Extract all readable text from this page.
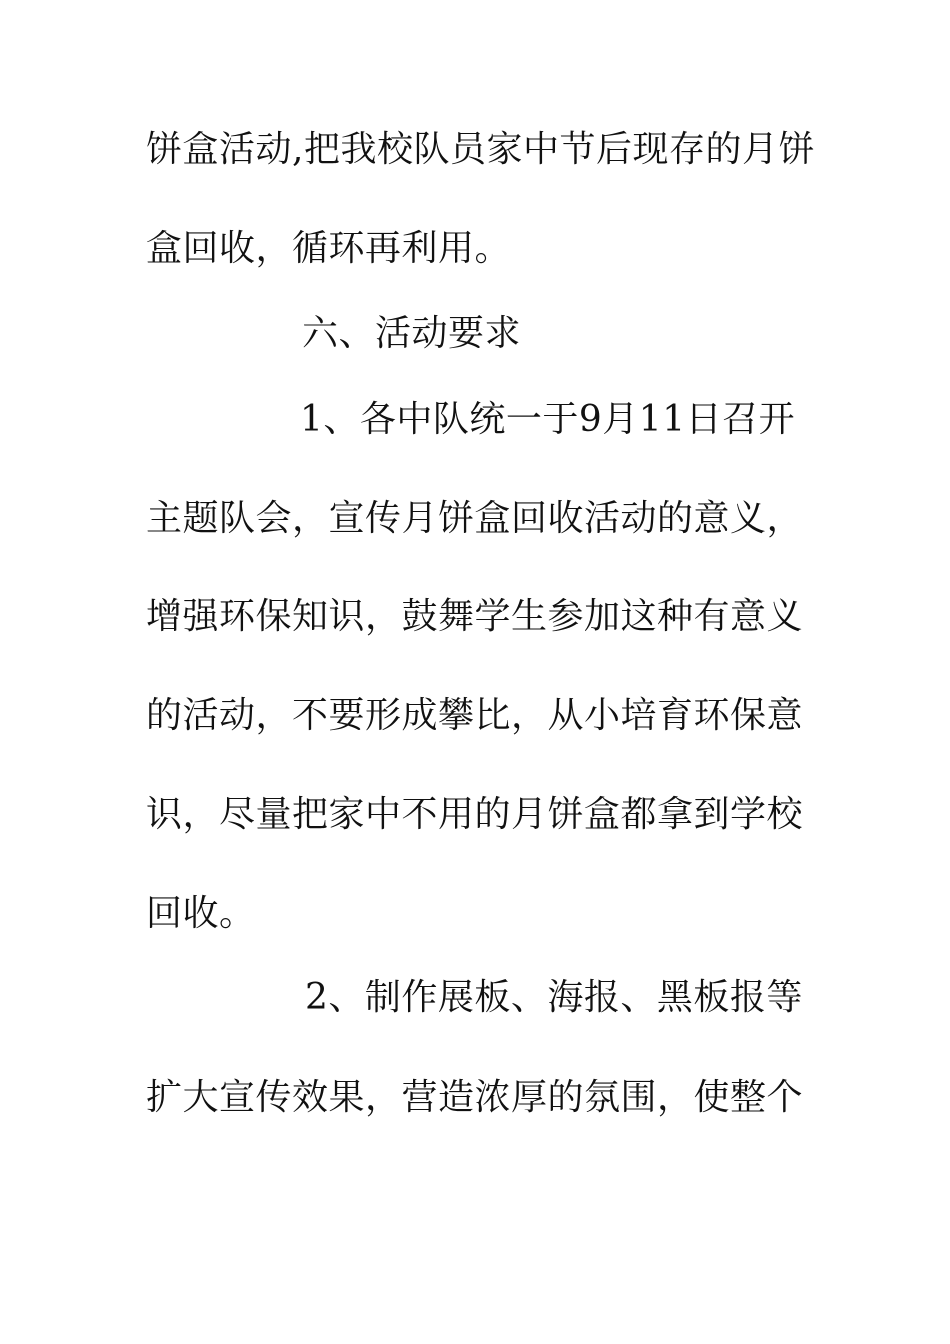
饼盒活动,把我校队员家中节后现存的月饼
盒回收，循环再利用。
六、活动要求
1、各中队统一于9月11日召开
主题队会，宣传月饼盒回收活动的意义，
增强环保知识，鼓舞学生参加这种有意义
的活动，不要形成攀比，从小培育环保意
识，尽量把家中不用的月饼盒都拿到学校
回收。
2、制作展板、海报、黑板报等
扩大宣传效果，营造浓厚的氛围，使整个
